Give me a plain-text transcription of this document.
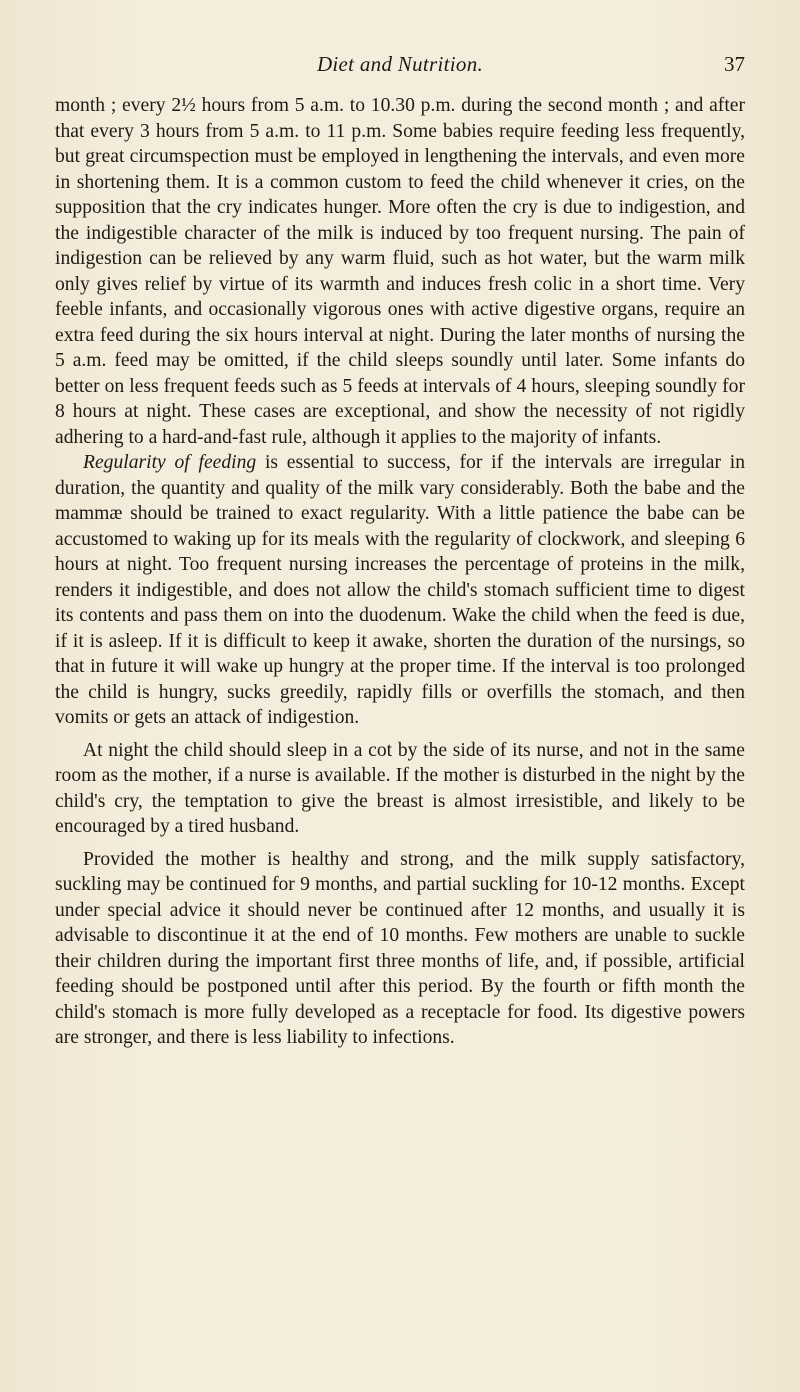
Diet and Nutrition.	37

month ; every 2½ hours from 5 a.m. to 10.30 p.m. during the second month ; and after that every 3 hours from 5 a.m. to 11 p.m. Some babies require feeding less frequently, but great circumspection must be employed in lengthening the intervals, and even more in shortening them. It is a common custom to feed the child whenever it cries, on the supposition that the cry indicates hunger. More often the cry is due to indigestion, and the indigestible character of the milk is induced by too frequent nursing. The pain of indigestion can be relieved by any warm fluid, such as hot water, but the warm milk only gives relief by virtue of its warmth and induces fresh colic in a short time. Very feeble infants, and occasionally vigorous ones with active digestive organs, require an extra feed during the six hours interval at night. During the later months of nursing the 5 a.m. feed may be omitted, if the child sleeps soundly until later. Some infants do better on less frequent feeds such as 5 feeds at intervals of 4 hours, sleeping soundly for 8 hours at night. These cases are exceptional, and show the necessity of not rigidly adhering to a hard-and-fast rule, although it applies to the majority of infants.

Regularity of feeding is essential to success, for if the intervals are irregular in duration, the quantity and quality of the milk vary considerably. Both the babe and the mammæ should be trained to exact regularity. With a little patience the babe can be accustomed to waking up for its meals with the regularity of clockwork, and sleeping 6 hours at night. Too frequent nursing increases the percentage of proteins in the milk, renders it indigestible, and does not allow the child's stomach sufficient time to digest its contents and pass them on into the duodenum. Wake the child when the feed is due, if it is asleep. If it is difficult to keep it awake, shorten the duration of the nursings, so that in future it will wake up hungry at the proper time. If the interval is too prolonged the child is hungry, sucks greedily, rapidly fills or overfills the stomach, and then vomits or gets an attack of indigestion.

At night the child should sleep in a cot by the side of its nurse, and not in the same room as the mother, if a nurse is available. If the mother is disturbed in the night by the child's cry, the temptation to give the breast is almost irresistible, and likely to be encouraged by a tired husband.

Provided the mother is healthy and strong, and the milk supply satisfactory, suckling may be continued for 9 months, and partial suckling for 10-12 months. Except under special advice it should never be continued after 12 months, and usually it is advisable to discontinue it at the end of 10 months. Few mothers are unable to suckle their children during the important first three months of life, and, if possible, artificial feeding should be postponed until after this period. By the fourth or fifth month the child's stomach is more fully developed as a receptacle for food. Its digestive powers are stronger, and there is less liability to infections.
